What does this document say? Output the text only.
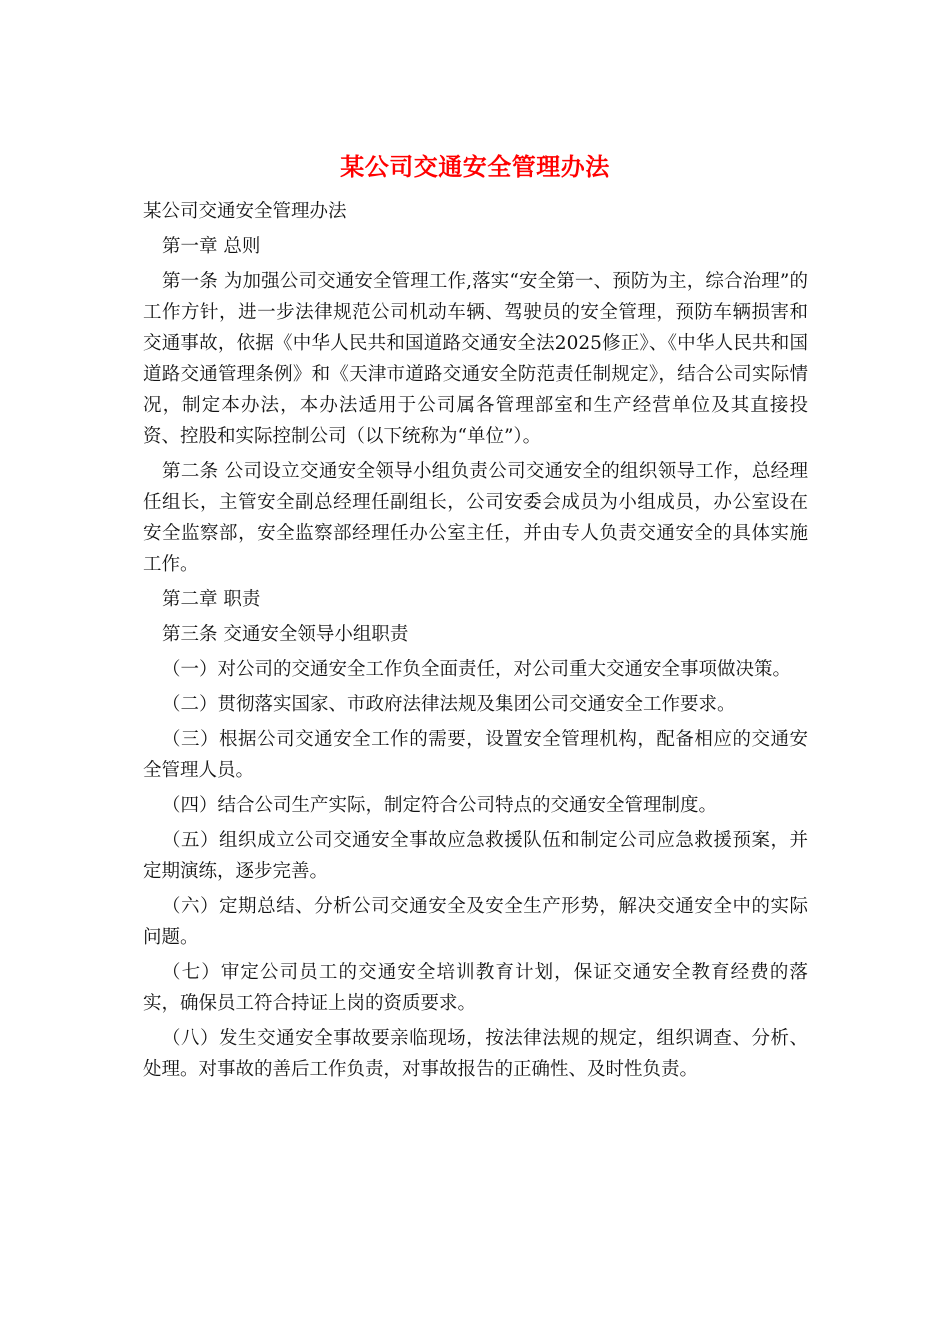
某公司交通安全管理办法

某公司交通安全管理办法

第一章 总则

第一条 为加强公司交通安全管理工作,落实“安全第一、预防为主，综合治理”的工作方针，进一步法律规范公司机动车辆、驾驶员的安全管理，预防车辆损害和交通事故，依据《中华人民共和国道路交通安全法2025修正》、《中华人民共和国道路交通管理条例》和《天津市道路交通安全防范责任制规定》，结合公司实际情况，制定本办法，本办法适用于公司属各管理部室和生产经营单位及其直接投资、控股和实际控制公司（以下统称为“单位”）。

第二条 公司设立交通安全领导小组负责公司交通安全的组织领导工作，总经理任组长，主管安全副总经理任副组长，公司安委会成员为小组成员，办公室设在安全监察部，安全监察部经理任办公室主任，并由专人负责交通安全的具体实施工作。

第二章 职责

第三条 交通安全领导小组职责

（一）对公司的交通安全工作负全面责任，对公司重大交通安全事项做决策。

（二）贯彻落实国家、市政府法律法规及集团公司交通安全工作要求。

（三）根据公司交通安全工作的需要，设置安全管理机构，配备相应的交通安全管理人员。

（四）结合公司生产实际，制定符合公司特点的交通安全管理制度。

（五）组织成立公司交通安全事故应急救援队伍和制定公司应急救援预案，并定期演练，逐步完善。

（六）定期总结、分析公司交通安全及安全生产形势，解决交通安全中的实际问题。

（七）审定公司员工的交通安全培训教育计划，保证交通安全教育经费的落实，确保员工符合持证上岗的资质要求。

（八）发生交通安全事故要亲临现场，按法律法规的规定，组织调查、分析、处理。对事故的善后工作负责，对事故报告的正确性、及时性负责。
